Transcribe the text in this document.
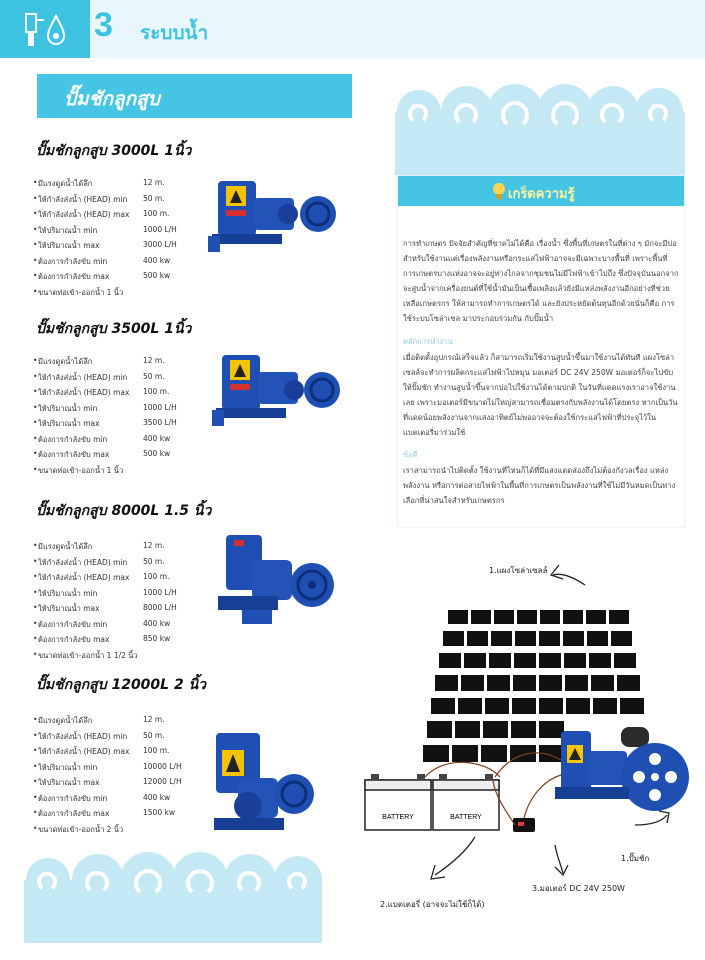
3 ระบบน้ำ
ปั๊มชักลูกสูบ
ปั๊มชักลูกสูบ 3000L 1นิ้ว
• มีแรงดูดน้ำได้ลึก	12 m.
• ให้กำลังส่งน้ำ (HEAD) min 50 m.
• ให้กำลังส่งน้ำ (HEAD) max 100 m.
• ให้ปริมาณน้ำ min	1000 L/H
• ให้ปริมาณน้ำ max	3000 L/H
• ต้องการกำลังขับ min	400 kw
• ต้องการกำลังขับ max	500 kw
• ขนาดท่อเข้า-ออกน้ำ 1 นิ้ว
ปั๊มชักลูกสูบ 3500L 1นิ้ว
• มีแรงดูดน้ำได้ลึก	12 m.
• ให้กำลังส่งน้ำ (HEAD) min 50 m.
• ให้กำลังส่งน้ำ (HEAD) max 100 m.
• ให้ปริมาณน้ำ min	1000 L/H
• ให้ปริมาณน้ำ max	3500 L/H
• ต้องการกำลังขับ min	400 kw
• ต้องการกำลังขับ max	500 kw
• ขนาดท่อเข้า-ออกน้ำ 1 นิ้ว
ปั๊มชักลูกสูบ 8000L 1.5 นิ้ว
• มีแรงดูดน้ำได้ลึก	12 m.
• ให้กำลังส่งน้ำ (HEAD) min 50 m.
• ให้กำลังส่งน้ำ (HEAD) max 100 m.
• ให้ปริมาณน้ำ min	1000 L/H
• ให้ปริมาณน้ำ max	8000 L/H
• ต้องการกำลังขับ min	400 kw
• ต้องการกำลังขับ max	850 kw
• ขนาดท่อเข้า-ออกน้ำ 1 1/2 นิ้ว
ปั๊มชักลูกสูบ 12000L 2 นิ้ว
• มีแรงดูดน้ำได้ลึก	12 m.
• ให้กำลังส่งน้ำ (HEAD) min 50 m.
• ให้กำลังส่งน้ำ (HEAD) max 100 m.
• ให้ปริมาณน้ำ min	10000 L/H
• ให้ปริมาณน้ำ max	12000 L/H
• ต้องการกำลังขับ min	400 kw
• ต้องการกำลังขับ max	1500 kw
• ขนาดท่อเข้า-ออกน้ำ 2 นิ้ว
เกร็ดความรู้
การทำเกษตร ปัจจัยสำคัญที่ขาดไม่ได้คือ เรื่องน้ำ ซึ่งพื้นที่เกษตรในที่ต่าง ๆ มักจะมีบ่อสำหรับใช้งานแต่เรื่องพลังงานหรือกระแสไฟฟ้าอาจจะมีเฉพาะบางพื้นที่ เพราะพื้นที่การเกษตรบางแห่งอาจจะอยู่ห่างไกลจากชุมชนไม่มีไฟฟ้าเข้าไปถึง ซึ่งปัจจุบันนอกจากจะสูบน้ำจากเครื่องยนต์ที่ใช้น้ำมันเป็นเชื้อเพลิงแล้วยังมีแหล่งพลังงานอีกอย่างที่ช่วยเหลือเกษตรกร ให้สามารถทำการเกษตรได้ และยังประหยัดต้นทุนอีกด้วยนั่นก็คือ การใช้ระบบโซล่าเซล มาประกอบร่วมกัน กับปั๊มน้ำ
หลักการทำงาน
เมื่อติดตั้งอุปกรณ์เสร็จแล้ว ก็สามารถเริ่มใช้งานสูบน้ำขึ้นมาใช้งานได้ทันที แผงโซล่าเซลล์จะทำการผลิตกระแสไฟฟ้าไปหมุน มอเตอร์ DC 24V 250W มอเตอร์ก็จะไปขับให้ปั๊มชัก ทำงานสูบน้ำขึ้นจากบ่อไปใช้งานได้ตามปกติ ในวันที่แดดแรงเราอาจใช้งานเลย เพราะมอเตอร์มีขนาดไม่ใหญ่สามารถเชื่อมตรงกับพลังงานได้โดยตรง หากเป็นวันที่แดดน้อยพลังงานจากแสงอาทิตย์ไม่พออาจจะต้องใช้กระแสไฟฟ้าที่ประจุไว้ในแบตเตอรี่มาร่วมใช้
ข้อดี
เราสามารถนำไปติดตั้ง ใช้งานที่ไหนก็ได้ที่มีแสงแดดส่องถึงไม่ต้องกังวลเรื่อง แหล่งพลังงาน หรือการต่อสายไฟฟ้าในพื้นที่การเกษตรเป็นพลังงานที่ใช้ไม่มีวันหมดเป็นทางเลือกที่น่าสนใจสำหรับเกษตรกร
BATTERY	BATTERY
1.แผงโซล่าเซลล์
1.ปั๊มชัก
3.มอเตอร์ DC 24V 250W
2.แบตเตอรี่ (อาจจะไม่ใช้ก็ได้)
